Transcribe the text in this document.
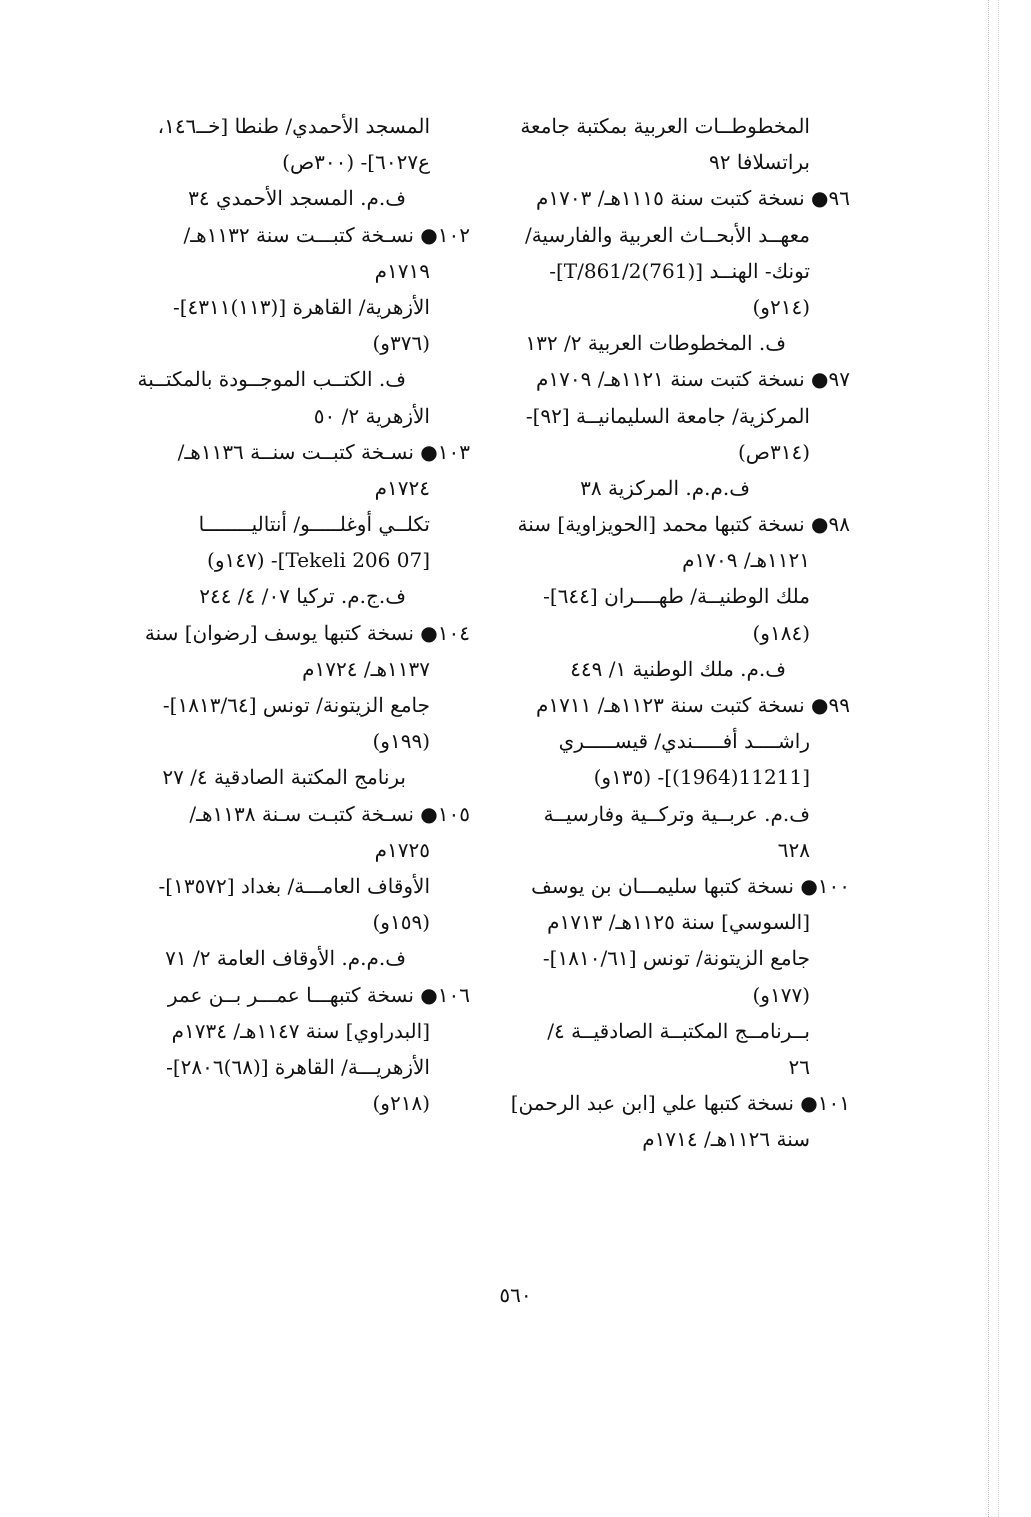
المخطوطــات العربية بمكتبة جامعة
براتسلافا ٩٢
٩٦● نسخة كتبت سنة ١١١٥هـ/ ١٧٠٣م
معهــد الأبحــاث العربية والفارسية/
تونك- الهنــد [T/861/2(761)]-
(٢١٤و)
ف. المخطوطات العربية ٢/ ١٣٢
٩٧● نسخة كتبت سنة ١١٢١هـ/ ١٧٠٩م
المركزية/ جامعة السليمانيــة [٩٢]-
(٣١٤ص)
ف.م.م. المركزية ٣٨
٩٨● نسخة كتبها محمد [الحويزاوية] سنة
١١٢١هـ/ ١٧٠٩م
ملك الوطنيــة/ طهــــران [٦٤٤]-
(١٨٤و)
ف.م. ملك الوطنية ١/ ٤٤٩
٩٩● نسخة كتبت سنة ١١٢٣هـ/ ١٧١١م
راشــــد أفـــــندي/ قيســـــري
[11211(1964)]- (١٣٥و)
ف.م. عربــية وتركــية وفارسيــة
٦٢٨
١٠٠● نسخة كتبها سليمـــان بن يوسف
[السوسي] سنة ١١٢٥هـ/ ١٧١٣م
جامع الزيتونة/ تونس [١٨١٠/٦١]-
(١٧٧و)
بــرنامــج المكتبــة الصادقيــة ٤/
٢٦
١٠١● نسخة كتبها علي [ابن عبد الرحمن]
سنة ١١٢٦هـ/ ١٧١٤م
المسجد الأحمدي/ طنطا [خــ١٤٦،
ع٦٠٢٧]- (٣٠٠ص)
ف.م. المسجد الأحمدي ٣٤
١٠٢● نسـخة كتبـــت سنة ١١٣٢هـ/
١٧١٩م
الأزهرية/ القاهرة [(١١٣)٤٣١١]-
(٣٧٦و)
ف. الكتــب الموجــودة بالمكتــبة
الأزهرية ٢/ ٥٠
١٠٣● نسـخة كتبــت سنــة ١١٣٦هـ/
١٧٢٤م
تكلــي أوغلـــــو/ أنتاليــــــــا
[07 Tekeli 206]- (١٤٧و)
ف.ج.م. تركيا ٠٧/ ٤/ ٢٤٤
١٠٤● نسخة كتبها يوسف [رضوان] سنة
١١٣٧هـ/ ١٧٢٤م
جامع الزيتونة/ تونس [١٨١٣/٦٤]-
(١٩٩و)
برنامج المكتبة الصادقية ٤/ ٢٧
١٠٥● نسـخة كتبـت سـنة ١١٣٨هـ/
١٧٢٥م
الأوقاف العامـــة/ بغداد [١٣٥٧٢]-
(١٥٩و)
ف.م.م. الأوقاف العامة ٢/ ٧١
١٠٦● نسخة كتبهـــا عمـــر بــن عمر
[البدراوي] سنة ١١٤٧هـ/ ١٧٣٤م
الأزهريـــة/ القاهرة [(٦٨)٢٨٠٦]-
(٢١٨و)
٥٦٠
